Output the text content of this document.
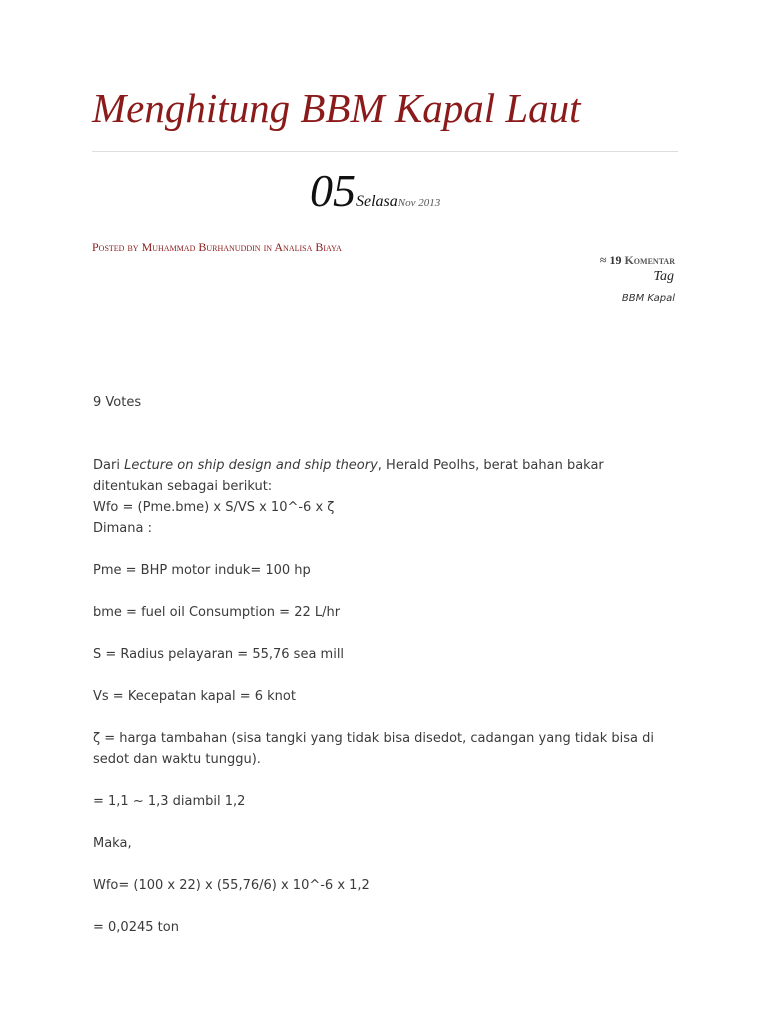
Menghitung BBM Kapal Laut
05SelasaNov 2013
Posted by Muhammad Burhanuddin in Analisa Biaya
≈ 19 Komentar
Tag
BBM Kapal

9 Votes

Dari Lecture on ship design and ship theory, Herald Peolhs, berat bahan bakar ditentukan sebagai berikut:

Wfo = (Pme.bme) x S/VS x 10^-6 x ζ

Dimana :

Pme = BHP motor induk= 100 hp

bme = fuel oil Consumption = 22 L/hr

S = Radius pelayaran = 55,76 sea mill

Vs = Kecepatan kapal = 6 knot

ζ = harga tambahan (sisa tangki yang tidak bisa disedot, cadangan yang tidak bisa di sedot dan waktu tunggu).

= 1,1 ~ 1,3 diambil 1,2

Maka,

Wfo= (100 x 22) x (55,76/6) x 10^-6 x 1,2

= 0,0245 ton
